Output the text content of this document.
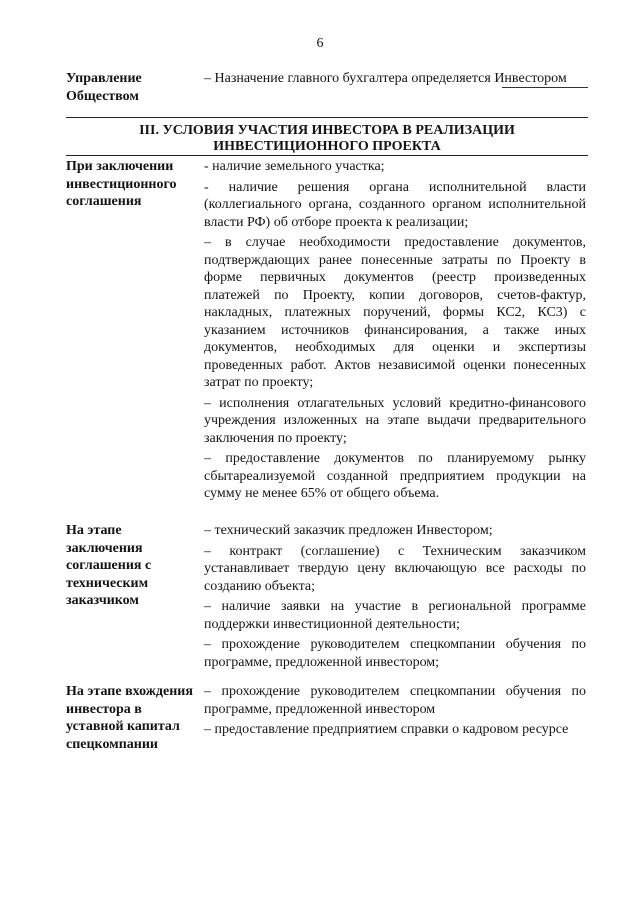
6
Управление Обществом

– Назначение главного бухгалтера определяется Инвестором

III. УСЛОВИЯ УЧАСТИЯ ИНВЕСТОРА В РЕАЛИЗАЦИИ ИНВЕСТИЦИОННОГО ПРОЕКТА
При заключении инвестиционного соглашения

- наличие земельного участка;

- наличие решения органа исполнительной власти (коллегиального органа, созданного органом исполнительной власти РФ) об отборе проекта к реализации;

– в случае необходимости предоставление документов, подтверждающих ранее понесенные затраты по Проекту в форме первичных документов (реестр произведенных платежей по Проекту, копии договоров, счетов-фактур, накладных, платежных поручений, формы КС2, КС3) с указанием источников финансирования, а также иных документов, необходимых для оценки и экспертизы проведенных работ. Актов независимой оценки понесенных затрат по проекту;

– исполнения отлагательных условий кредитно-финансового учреждения изложенных на этапе выдачи предварительного заключения по проекту;

– предоставление документов по планируемому рынку сбытареализуемой созданной предприятием продукции на сумму не менее 65% от общего объема.

На этапе заключения соглашения с техническим заказчиком

– технический заказчик предложен Инвестором;

– контракт (соглашение) с Техническим заказчиком устанавливает твердую цену включающую все расходы по созданию объекта;

– наличие заявки на участие в региональной программе поддержки инвестиционной деятельности;

– прохождение руководителем спецкомпании обучения по программе, предложенной инвестором;

На этапе вхождения инвестора в уставной капитал спецкомпании

– прохождение руководителем спецкомпании обучения по программе, предложенной инвестором

– предоставление предприятием справки о кадровом ресурсе
